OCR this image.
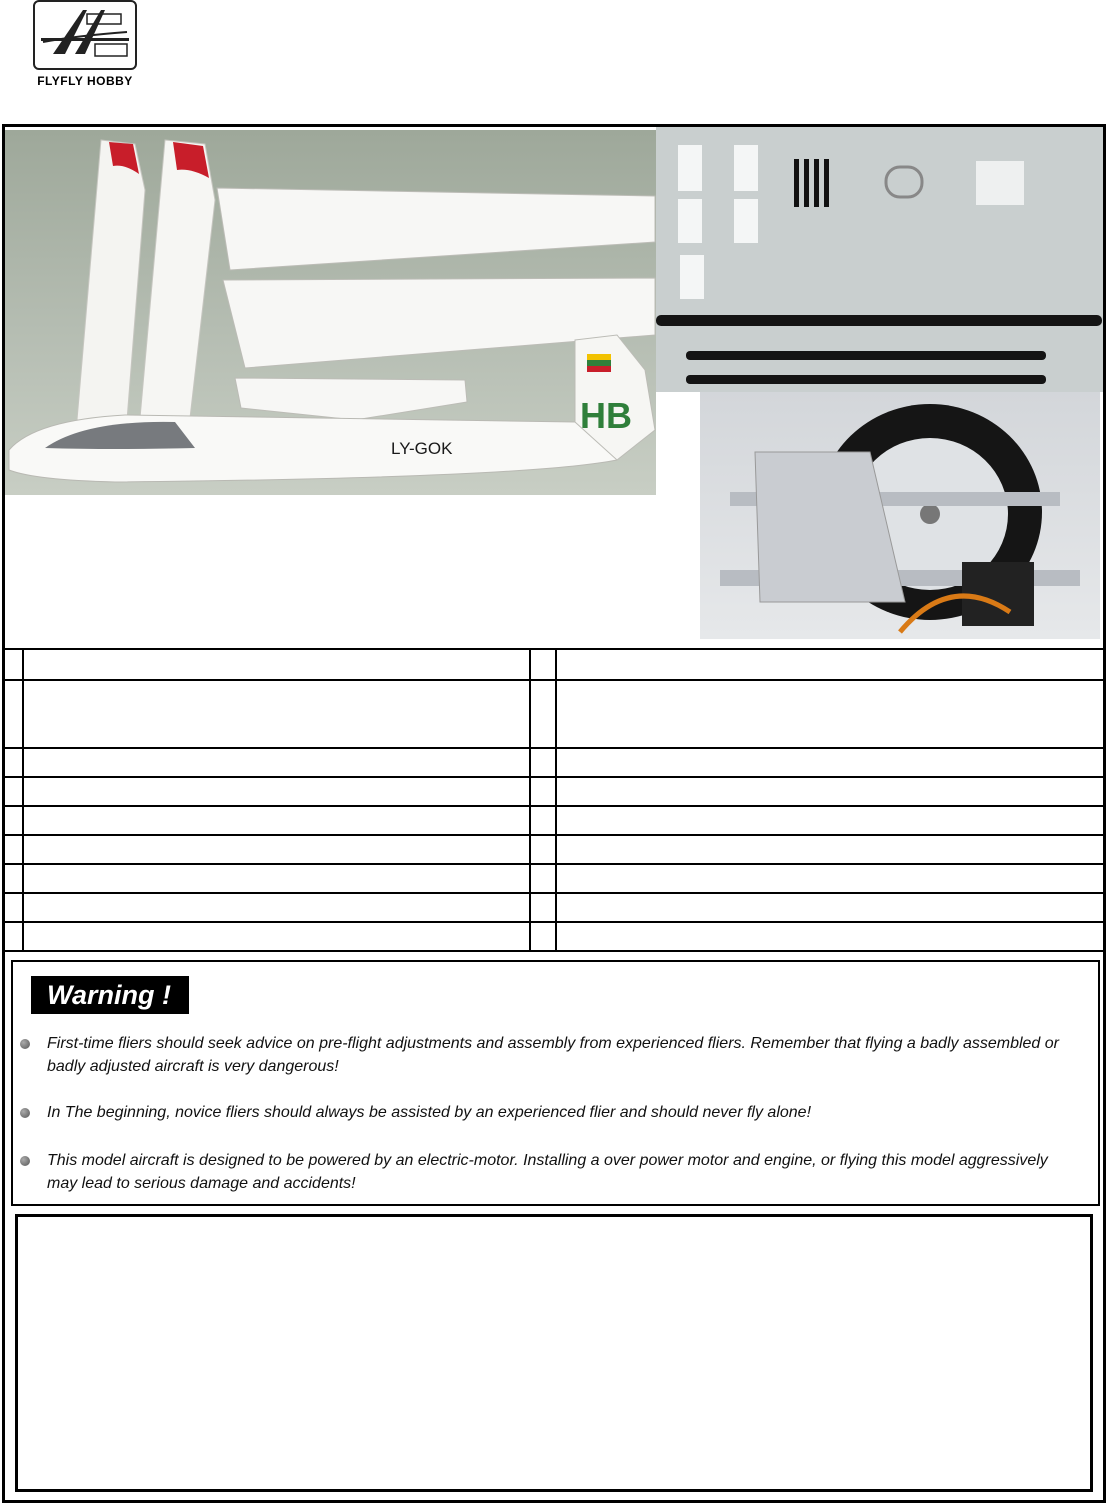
FLYFLY HOBBY
HB
LY-GOK

Warning !
First-time fliers should seek advice on pre-flight adjustments and assembly from experienced fliers. Remember that flying a badly assembled or badly adjusted aircraft is very dangerous!
In The beginning, novice fliers should always be assisted by an experienced flier and should never fly alone!
This model aircraft is designed to be powered by an electric-motor. Installing a over power motor and engine, or flying this model aggressively may lead to serious damage and accidents!
